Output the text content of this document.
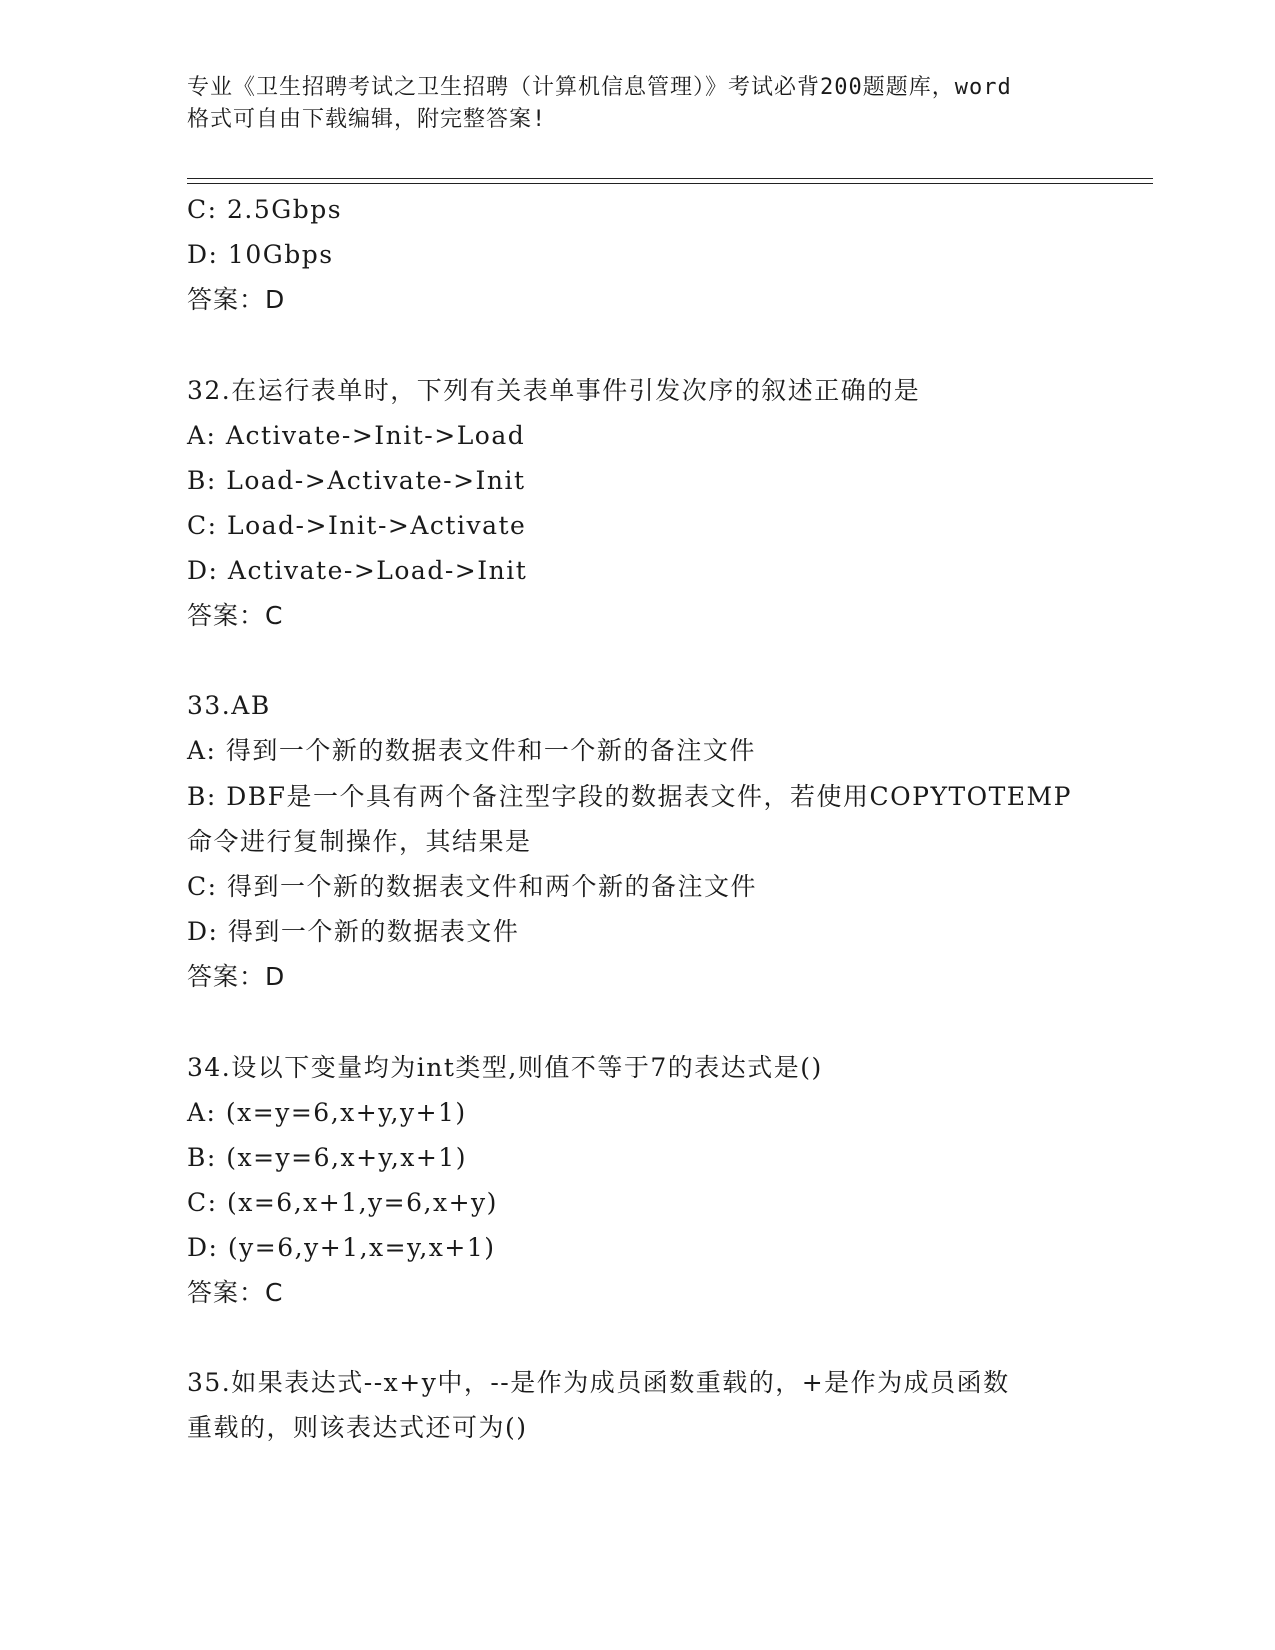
专业《卫生招聘考试之卫生招聘（计算机信息管理）》考试必背200题题库，word
格式可自由下载编辑，附完整答案!
C: 2.5Gbps
D: 10Gbps
答案：D
32.在运行表单时，下列有关表单事件引发次序的叙述正确的是
A: Activate->Init->Load
B: Load->Activate->Init
C: Load->Init->Activate
D: Activate->Load->Init
答案：C
33.AB
A: 得到一个新的数据表文件和一个新的备注文件
B: DBF是一个具有两个备注型字段的数据表文件，若使用COPYTOTEMP
命令进行复制操作，其结果是
C: 得到一个新的数据表文件和两个新的备注文件
D: 得到一个新的数据表文件
答案：D
34.设以下变量均为int类型,则值不等于7的表达式是()
A: (x=y=6,x+y,y+1)
B: (x=y=6,x+y,x+1)
C: (x=6,x+1,y=6,x+y)
D: (y=6,y+1,x=y,x+1)
答案：C
35.如果表达式--x+y中，--是作为成员函数重载的，+是作为成员函数
重载的，则该表达式还可为()
